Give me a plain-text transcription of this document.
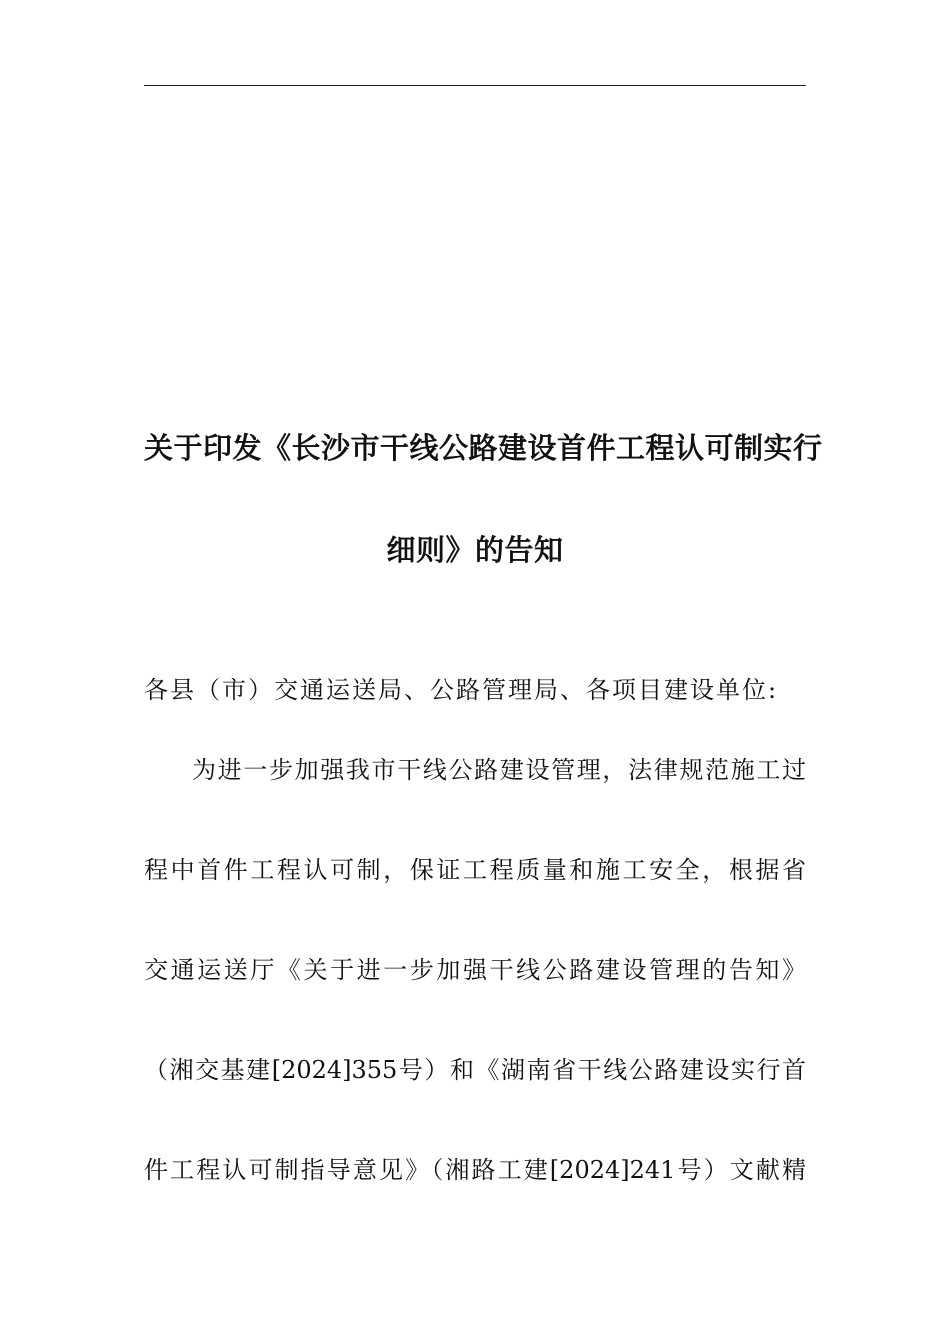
关于印发《长沙市干线公路建设首件工程认可制实行
细则》的告知
各县（市）交通运送局、公路管理局、各项目建设单位:
为进一步加强我市干线公路建设管理，法律规范施工过
程中首件工程认可制，保证工程质量和施工安全，根据省
交通运送厅《关于进一步加强干线公路建设管理的告知》
（湘交基建[2024]355号）和《湖南省干线公路建设实行首
件工程认可制指导意见》（湘路工建[2024]241号）文献精
